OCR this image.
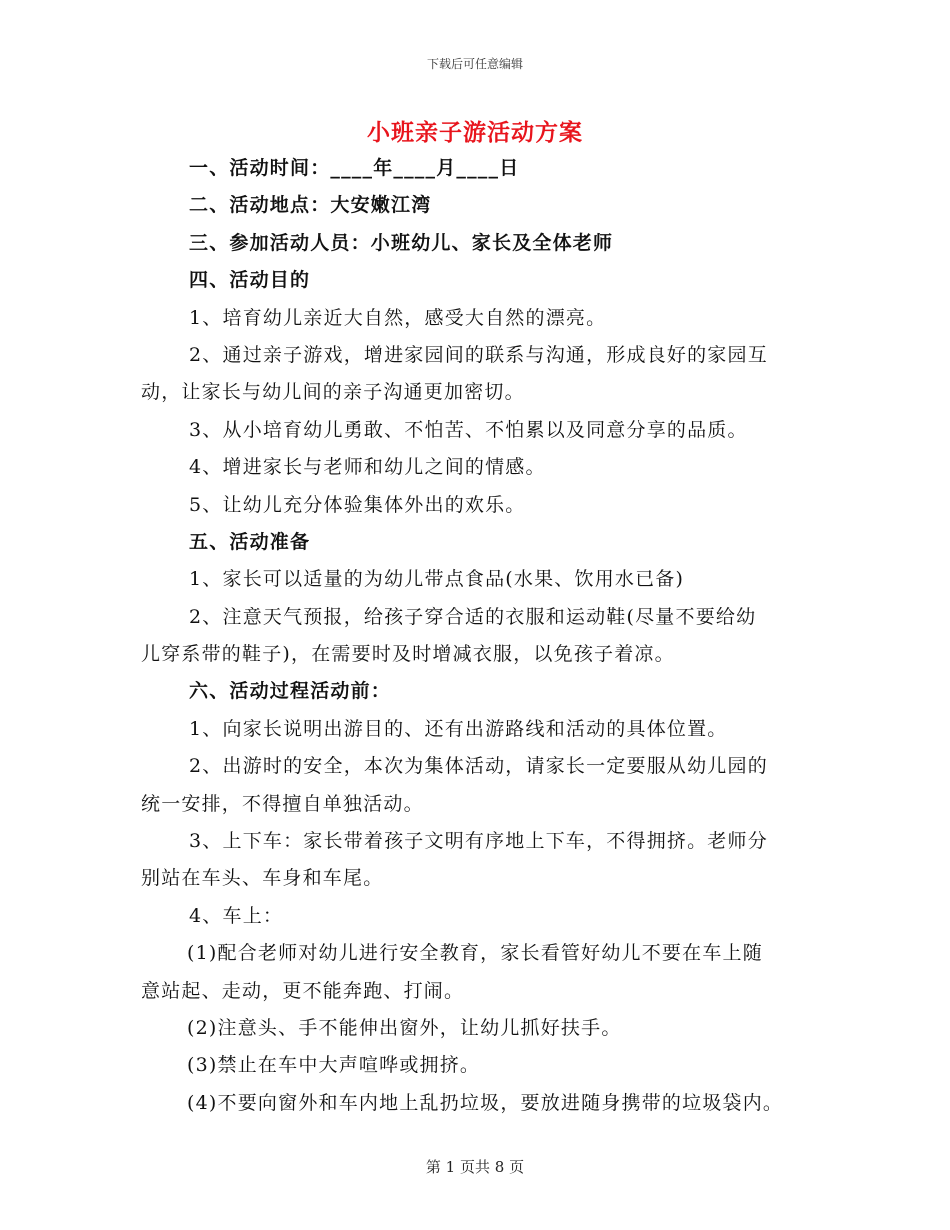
下载后可任意编辑
小班亲子游活动方案
一、活动时间：____年____月____日
二、活动地点：大安嫩江湾
三、参加活动人员：小班幼儿、家长及全体老师
四、活动目的
1、培育幼儿亲近大自然，感受大自然的漂亮。
2、通过亲子游戏，增进家园间的联系与沟通，形成良好的家园互
动，让家长与幼儿间的亲子沟通更加密切。
3、从小培育幼儿勇敢、不怕苦、不怕累以及同意分享的品质。
4、增进家长与老师和幼儿之间的情感。
5、让幼儿充分体验集体外出的欢乐。
五、活动准备
1、家长可以适量的为幼儿带点食品(水果、饮用水已备)
2、注意天气预报，给孩子穿合适的衣服和运动鞋(尽量不要给幼
儿穿系带的鞋子)，在需要时及时增减衣服，以免孩子着凉。
六、活动过程活动前：
1、向家长说明出游目的、还有出游路线和活动的具体位置。
2、出游时的安全，本次为集体活动，请家长一定要服从幼儿园的
统一安排，不得擅自单独活动。
3、上下车：家长带着孩子文明有序地上下车，不得拥挤。老师分
别站在车头、车身和车尾。
4、车上：
(1)配合老师对幼儿进行安全教育，家长看管好幼儿不要在车上随
意站起、走动，更不能奔跑、打闹。
(2)注意头、手不能伸出窗外，让幼儿抓好扶手。
(3)禁止在车中大声喧哗或拥挤。
(4)不要向窗外和车内地上乱扔垃圾，要放进随身携带的垃圾袋内。
第 1 页共 8 页
